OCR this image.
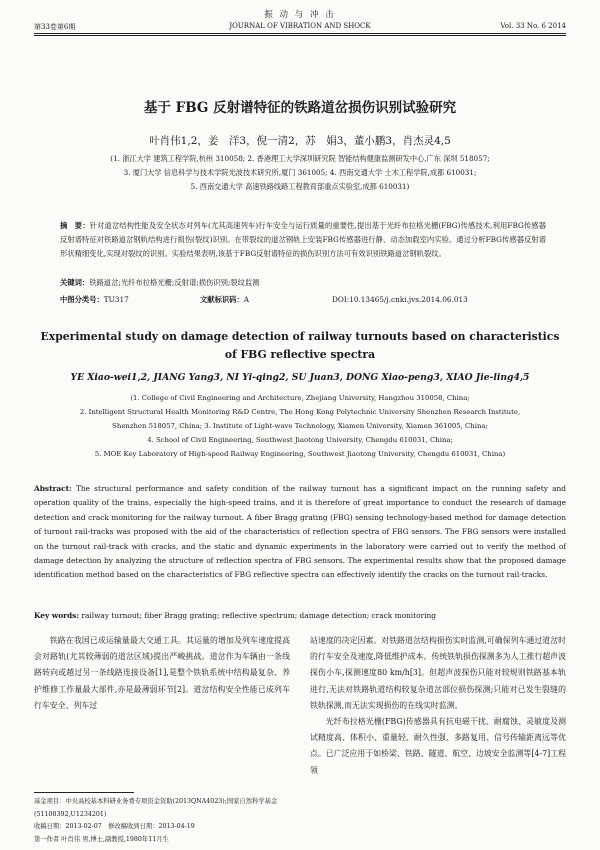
振 动 与 冲 击
第33卷第6期	JOURNAL OF VIBRATION AND SHOCK	Vol. 33 No. 6 2014
基于 FBG 反射谱特征的铁路道岔损伤识别试验研究
叶肖伟1,2，姜　洋3，倪一清2，苏　娟3，董小鹏3，肖杰灵4,5
(1. 浙江大学 建筑工程学院,杭州 310058; 2. 香港理工大学深圳研究院 智能结构健康监测研发中心,广东 深圳 518057;
3. 厦门大学 信息科学与技术学院光波技术研究所,厦门 361005; 4. 西南交通大学 土木工程学院,成都 610031;
5. 西南交通大学 高速铁路线路工程教育部重点实验室,成都 610031)
摘　要：针对道岔结构性能及安全状态对列车(尤其高速列车)行车安全与运行质量的重要性,提出基于光纤布拉格光栅(FBG)传感技术,利用FBG传感器反射谱特征对铁路道岔钢轨结构进行损伤(裂纹)识别。在带裂纹的道岔钢轨上安装FBG传感器进行静、动态加载室内实验。通过分析FBG传感器反射谱形状精细变化,实现对裂纹的识别。实验结果表明,该基于FBG反射谱特征的损伤识别方法可有效识别铁路道岔钢轨裂纹。
关键词：铁路道岔;光纤布拉格光栅;反射谱;损伤识别;裂纹监测
中图分类号：TU317	文献标识码：A	DOI:10.13465/j.cnki.jvs.2014.06.013
Experimental study on damage detection of railway turnouts based on characteristics of FBG reflective spectra
YE Xiao-wei1,2, JIANG Yang3, NI Yi-qing2, SU Juan3, DONG Xiao-peng3, XIAO Jie-ling4,5
(1. College of Civil Engineering and Architecture, Zhejiang University, Hangzhou 310058, China;
2. Intelligent Structural Health Monitoring R&D Centre, The Hong Kong Polytechnic University Shenzhen Research Institute,
Shenzhen 518057, China; 3. Institute of Light-wave Technology, Xiamen University, Xiamen 361005, China;
4. School of Civil Engineering, Southwest Jiaotong University, Chengdu 610031, China;
5. MOE Key Laboratory of High-speed Railway Engineering, Southwest Jiaotong University, Chengdu 610031, China)
Abstract: The structural performance and safety condition of the railway turnout has a significant impact on the running safety and operation quality of the trains, especially the high-speed trains, and it is therefore of great importance to conduct the research of damage detection and crack monitoring for the railway turnout. A fiber Bragg grating (FBG) sensing technology-based method for damage detection of turnout rail-tracks was proposed with the aid of the characteristics of reflection spectra of FBG sensors. The FBG sensors were installed on the turnout rail-track with cracks, and the static and dynamic experiments in the laboratory were carried out to verify the method of damage detection by analyzing the structure of reflection spectra of FBG sensors. The experimental results show that the proposed damage identification method based on the characteristics of FBG reflective spectra can effectively identify the cracks on the turnout rail-tracks.
Key words: railway turnout; fiber Bragg grating; reflective spectrum; damage detection; crack monitoring

铁路在我国已成运输量最大交通工具。其运量的增加及列车速度提高会对路轨(尤其较薄弱的道岔区域)提出严峻挑战。道岔作为车辆由一条线路转向或越过另一条线路连接设备[1],是整个铁轨系统中结构最复杂、养护维修工作量最大部件,亦是最薄弱环节[2]。道岔结构安全性能已成列车行车安全、列车过

站速度的决定因素。对铁路道岔结构损伤实时监测,可确保列车通过道岔时的行车安全及速度,降低维护成本。传统铁轨损伤探测多为人工推行超声波探伤小车,探测速度80 km/h[3]。但超声波探伤只能对较规则铁路基本轨进行,无法对铁路轨道结构较复杂道岔部位损伤探测;只能对已发生裂缝的铁轨探测,而无法实现损伤的在线实时监测。

光纤布拉格光栅(FBG)传感器具有抗电磁干扰、耐腐蚀、灵敏度及测试精度高、体积小、重量轻、耐久性强、多路复用、信号传输距离远等优点。已广泛应用于如桥梁、铁路、隧道、航空、边坡安全监测等[4-7]工程领

基金项目：中央高校基本科研业务费专项资金资助(2013QNA4023);国家自然科学基金(51108392,U1234201)
收稿日期：2013-02-07　修改稿收到日期：2013-04-19
第一作者 叶肖伟 男,博士,副教授,1980年11月生
